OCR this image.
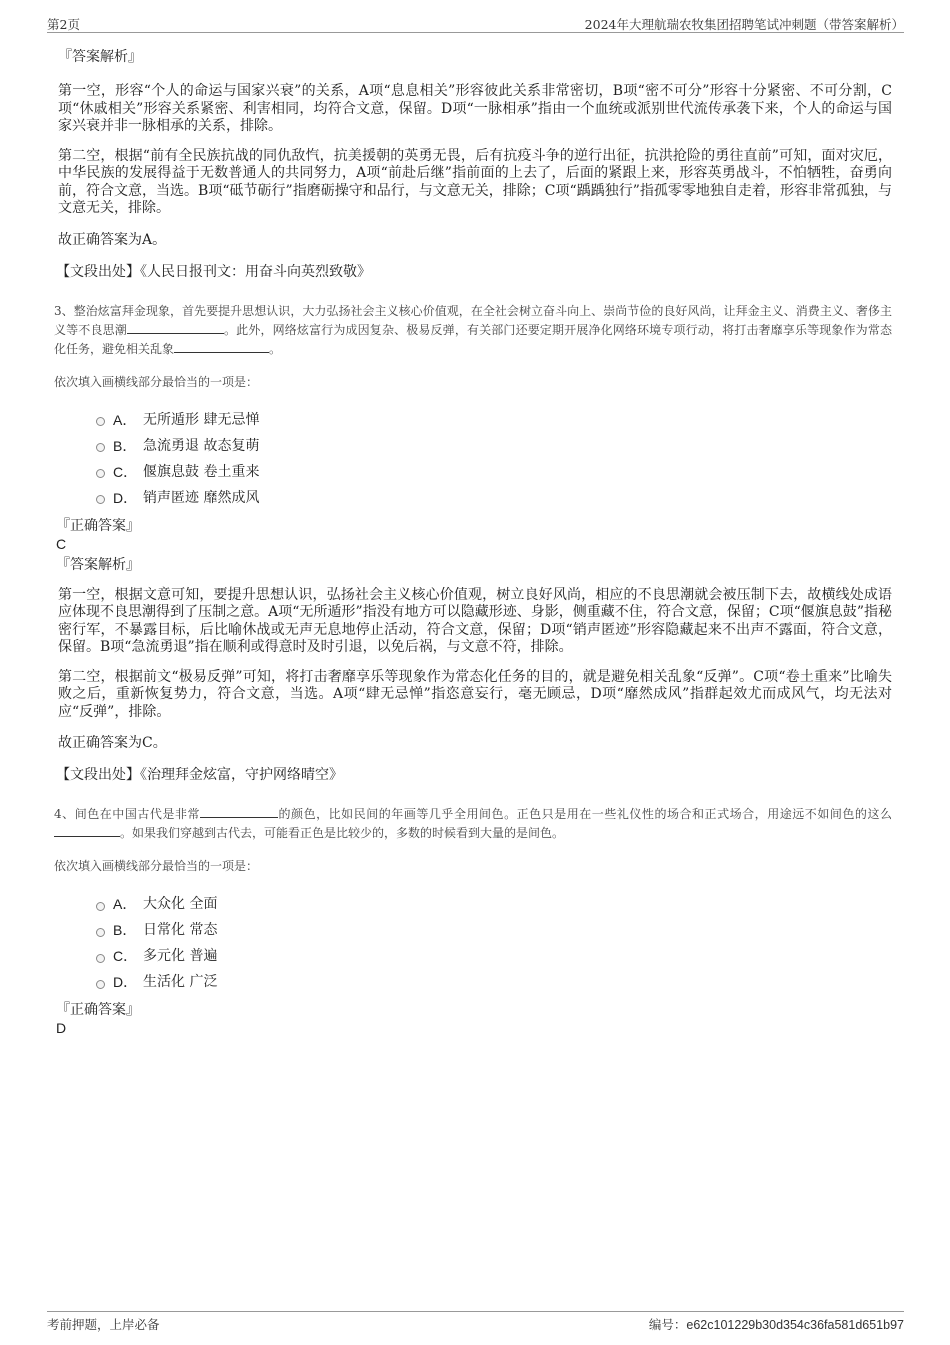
第2页	2024年大理航瑞农牧集团招聘笔试冲刺题（带答案解析）
『答案解析』

第一空，形容“个人的命运与国家兴衰”的关系，A项“息息相关”形容彼此关系非常密切，B项“密不可分”形容十分紧密、不可分割，C项“休戚相关”形容关系紧密、利害相同，均符合文意，保留。D项“一脉相承”指由一个血统或派别世代流传承袭下来，个人的命运与国家兴衰并非一脉相承的关系，排除。

第二空，根据“前有全民族抗战的同仇敌忾，抗美援朝的英勇无畏，后有抗疫斗争的逆行出征，抗洪抢险的勇往直前”可知，面对灾厄，中华民族的发展得益于无数普通人的共同努力，A项“前赴后继”指前面的上去了，后面的紧跟上来，形容英勇战斗，不怕牺牲，奋勇向前，符合文意，当选。B项“砥节砺行”指磨砺操守和品行，与文意无关，排除；C项“踽踽独行”指孤零零地独自走着，形容非常孤独，与文意无关，排除。

故正确答案为A。
【文段出处】《人民日报刊文：用奋斗向英烈致敬》

3、整治炫富拜金现象，首先要提升思想认识，大力弘扬社会主义核心价值观，在全社会树立奋斗向上、崇尚节俭的良好风尚，让拜金主义、消费主义、奢侈主义等不良思潮	。此外，网络炫富行为成因复杂、极易反弹，有关部门还要定期开展净化网络环境专项行动，将打击奢靡享乐等现象作为常态化任务，避免相关乱象	。

依次填入画横线部分最恰当的一项是：
A． 无所遁形 肆无忌惮
B． 急流勇退 故态复萌
C． 偃旗息鼓 卷土重来
D． 销声匿迹 靡然成风
『正确答案』
C
『答案解析』

第一空，根据文意可知，要提升思想认识，弘扬社会主义核心价值观，树立良好风尚，相应的不良思潮就会被压制下去，故横线处成语应体现不良思潮得到了压制之意。A项“无所遁形”指没有地方可以隐藏形迹、身影，侧重藏不住，符合文意，保留；C项“偃旗息鼓”指秘密行军，不暴露目标，后比喻休战或无声无息地停止活动，符合文意，保留；D项“销声匿迹”形容隐藏起来不出声不露面，符合文意，保留。B项“急流勇退”指在顺利或得意时及时引退，以免后祸，与文意不符，排除。

第二空，根据前文“极易反弹”可知，将打击奢靡享乐等现象作为常态化任务的目的，就是避免相关乱象“反弹”。C项“卷土重来”比喻失败之后，重新恢复势力，符合文意，当选。A项“肆无忌惮”指恣意妄行，毫无顾忌，D项“靡然成风”指群起效尤而成风气，均无法对应“反弹”，排除。

故正确答案为C。
【文段出处】《治理拜金炫富，守护网络晴空》

4、间色在中国古代是非常	的颜色，比如民间的年画等几乎全用间色。正色只是用在一些礼仪性的场合和正式场合，用途远不如间色的这么。如果我们穿越到古代去，可能看正色是比较少的，多数的时候看到大量的是间色。

依次填入画横线部分最恰当的一项是：
A． 大众化 全面
B． 日常化 常态
C． 多元化 普遍
D． 生活化 广泛
『正确答案』
D
考前押题，上岸必备	编号：e62c101229b30d354c36fa581d651b97
